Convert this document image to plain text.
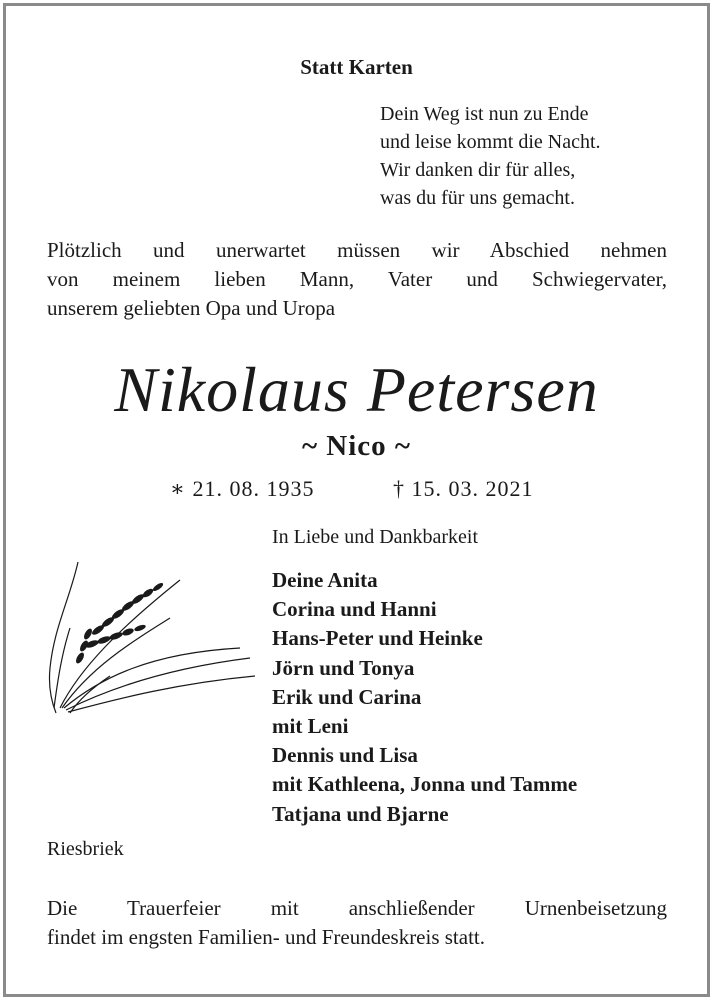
Statt Karten
Dein Weg ist nun zu Ende
und leise kommt die Nacht.
Wir danken dir für alles,
was du für uns gemacht.
Plötzlich und unerwartet müssen wir Abschied nehmen
von meinem lieben Mann, Vater und Schwiegervater,
unserem geliebten Opa und Uropa
Nikolaus Petersen
~ Nico ~
∗ 21. 08. 1935	† 15. 03. 2021
In Liebe und Dankbarkeit
Deine Anita
Corina und Hanni
Hans-Peter und Heinke
Jörn und Tonya
Erik und Carina
mit Leni
Dennis und Lisa
mit Kathleena, Jonna und Tamme
Tatjana und Bjarne
Riesbriek
Die Trauerfeier mit anschließender Urnenbeisetzung
findet im engsten Familien- und Freundeskreis statt.
